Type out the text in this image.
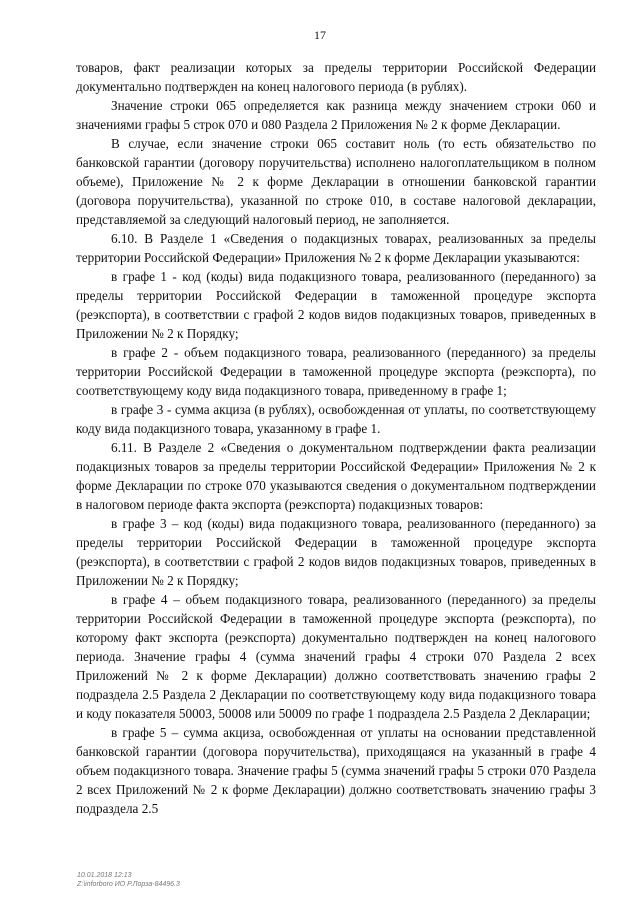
17

товаров, факт реализации которых за пределы территории Российской Федерации документально подтвержден на конец налогового периода (в рублях).

Значение строки 065 определяется как разница между значением строки 060 и значениями графы 5 строк 070 и 080 Раздела 2 Приложения № 2 к форме Декларации.

В случае, если значение строки 065 составит ноль (то есть обязательство по банковской гарантии (договору поручительства) исполнено налогоплательщиком в полном объеме), Приложение № 2 к форме Декларации в отношении банковской гарантии (договора поручительства), указанной по строке 010, в составе налоговой декларации, представляемой за следующий налоговый период, не заполняется.

6.10. В Разделе 1 «Сведения о подакцизных товарах, реализованных за пределы территории Российской Федерации» Приложения № 2 к форме Декларации указываются:

в графе 1 - код (коды) вида подакцизного товара, реализованного (переданного) за пределы территории Российской Федерации в таможенной процедуре экспорта (реэкспорта), в соответствии с графой 2 кодов видов подакцизных товаров, приведенных в Приложении № 2 к Порядку;

в графе 2 - объем подакцизного товара, реализованного (переданного) за пределы территории Российской Федерации в таможенной процедуре экспорта (реэкспорта), по соответствующему коду вида подакцизного товара, приведенному в графе 1;

в графе 3 - сумма акциза (в рублях), освобожденная от уплаты, по соответствующему коду вида подакцизного товара, указанному в графе 1.

6.11. В Разделе 2 «Сведения о документальном подтверждении факта реализации подакцизных товаров за пределы территории Российской Федерации» Приложения № 2 к форме Декларации по строке 070 указываются сведения о документальном подтверждении в налоговом периоде факта экспорта (реэкспорта) подакцизных товаров:

в графе 3 – код (коды) вида подакцизного товара, реализованного (переданного) за пределы территории Российской Федерации в таможенной процедуре экспорта (реэкспорта), в соответствии с графой 2 кодов видов подакцизных товаров, приведенных в Приложении № 2 к Порядку;

в графе 4 – объем подакцизного товара, реализованного (переданного) за пределы территории Российской Федерации в таможенной процедуре экспорта (реэкспорта), по которому факт экспорта (реэкспорта) документально подтвержден на конец налогового периода. Значение графы 4 (сумма значений графы 4 строки 070 Раздела 2 всех Приложений № 2 к форме Декларации) должно соответствовать значению графы 2 подраздела 2.5 Раздела 2 Декларации по соответствующему коду вида подакцизного товара и коду показателя 50003, 50008 или 50009 по графе 1 подраздела 2.5 Раздела 2 Декларации;

в графе 5 – сумма акциза, освобожденная от уплаты на основании представленной банковской гарантии (договора поручительства), приходящаяся на указанный в графе 4 объем подакцизного товара. Значение графы 5 (сумма значений графы 5 строки 070 Раздела 2 всех Приложений № 2 к форме Декларации) должно соответствовать значению графы 3 подраздела 2.5

10.01.2018 12:13
Z:\inforboro ИО Р.Лорза-84496.3
